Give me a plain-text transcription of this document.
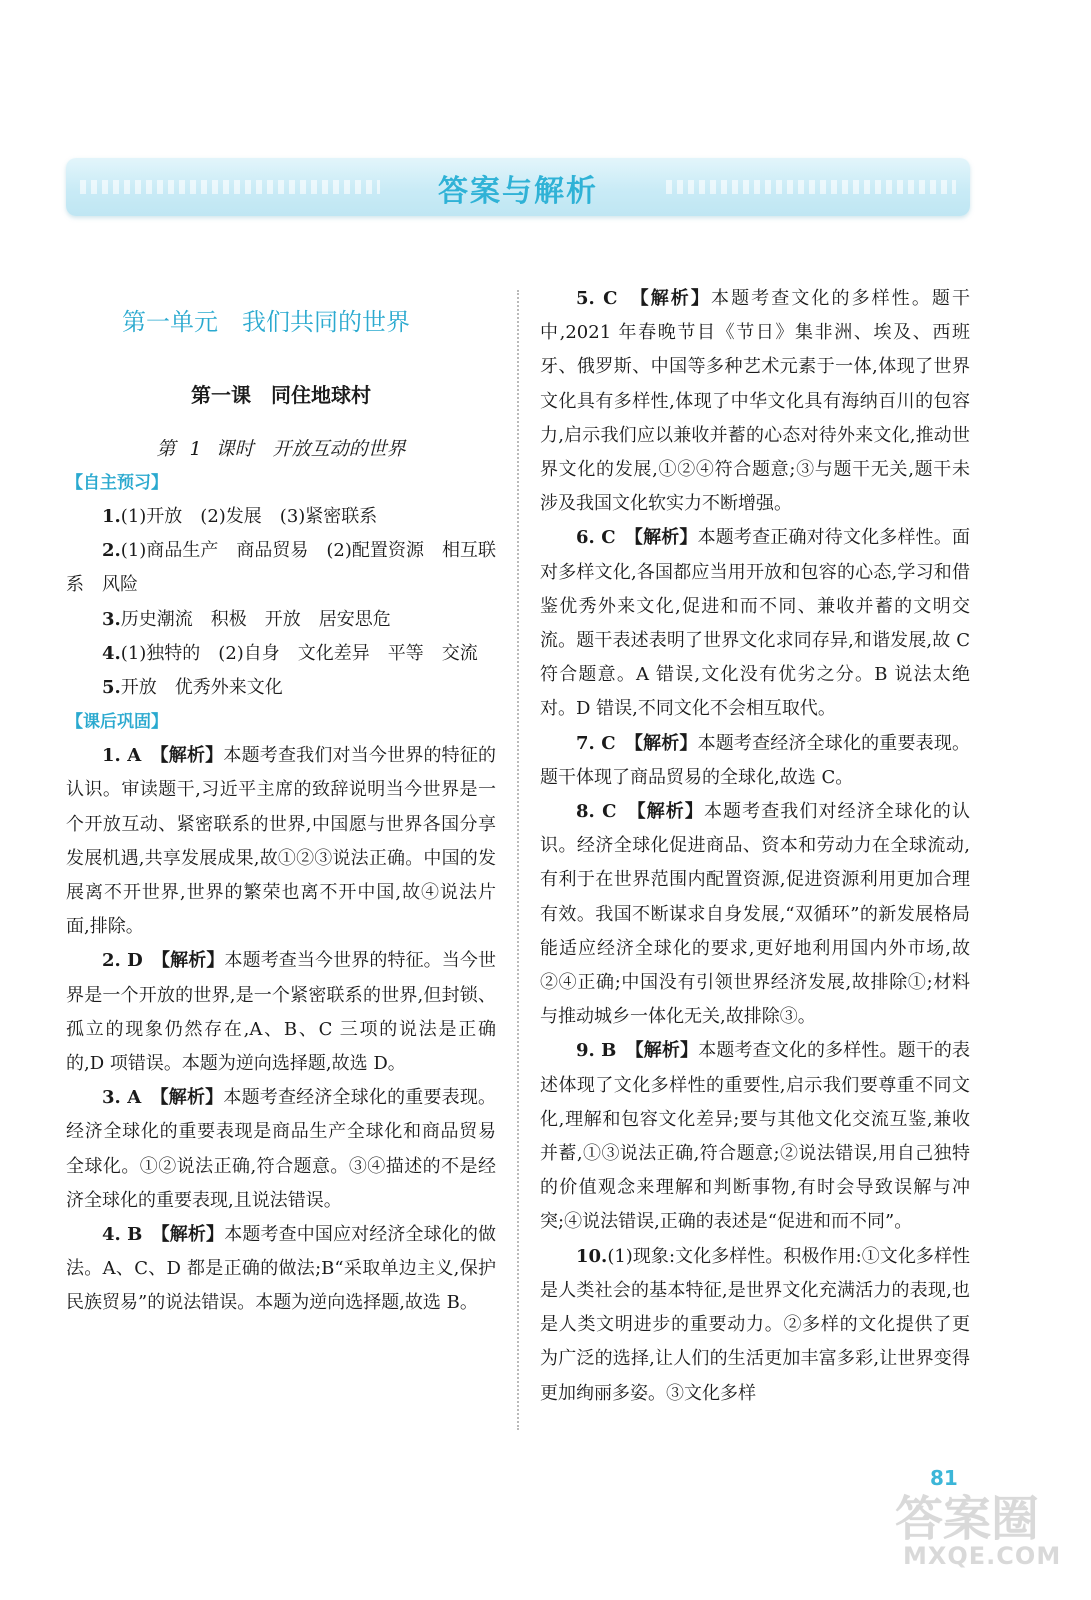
答案与解析
第一单元　我们共同的世界
第一课　同住地球村
第 1 课时　开放互动的世界
【自主预习】

1.(1)开放　(2)发展　(3)紧密联系

2.(1)商品生产　商品贸易　(2)配置资源　相互联系　风险

3.历史潮流　积极　开放　居安思危

4.(1)独特的　(2)自身　文化差异　平等　交流

5.开放　优秀外来文化

【课后巩固】

1. A　 【解析】本题考查我们对当今世界的特征的认识。审读题干,习近平主席的致辞说明当今世界是一个开放互动、紧密联系的世界,中国愿与世界各国分享发展机遇,共享发展成果,故①②③说法正确。中国的发展离不开世界,世界的繁荣也离不开中国,故④说法片面,排除。

2. D　 【解析】本题考查当今世界的特征。当今世界是一个开放的世界,是一个紧密联系的世界,但封锁、孤立的现象仍然存在,A、B、C 三项的说法是正确的,D 项错误。本题为逆向选择题,故选 D。

3. A　 【解析】本题考查经济全球化的重要表现。经济全球化的重要表现是商品生产全球化和商品贸易全球化。①②说法正确,符合题意。③④描述的不是经济全球化的重要表现,且说法错误。

4. B　 【解析】本题考查中国应对经济全球化的做法。A、C、D 都是正确的做法;B“采取单边主义,保护民族贸易”的说法错误。本题为逆向选择题,故选 B。

5. C　 【解析】本题考查文化的多样性。题干中,2021 年春晚节目《节日》集非洲、埃及、西班牙、俄罗斯、中国等多种艺术元素于一体,体现了世界文化具有多样性,体现了中华文化具有海纳百川的包容力,启示我们应以兼收并蓄的心态对待外来文化,推动世界文化的发展,①②④符合题意;③与题干无关,题干未涉及我国文化软实力不断增强。

6. C　 【解析】本题考查正确对待文化多样性。面对多样文化,各国都应当用开放和包容的心态,学习和借鉴优秀外来文化,促进和而不同、兼收并蓄的文明交流。题干表述表明了世界文化求同存异,和谐发展,故 C 符合题意。A 错误,文化没有优劣之分。B 说法太绝对。D 错误,不同文化不会相互取代。

7. C　 【解析】本题考查经济全球化的重要表现。题干体现了商品贸易的全球化,故选 C。

8. C　 【解析】本题考查我们对经济全球化的认识。经济全球化促进商品、资本和劳动力在全球流动,有利于在世界范围内配置资源,促进资源利用更加合理有效。我国不断谋求自身发展,“双循环”的新发展格局能适应经济全球化的要求,更好地利用国内外市场,故②④正确;中国没有引领世界经济发展,故排除①;材料与推动城乡一体化无关,故排除③。

9. B　 【解析】本题考查文化的多样性。题干的表述体现了文化多样性的重要性,启示我们要尊重不同文化,理解和包容文化差异;要与其他文化交流互鉴,兼收并蓄,①③说法正确,符合题意;②说法错误,用自己独特的价值观念来理解和判断事物,有时会导致误解与冲突;④说法错误,正确的表述是“促进和而不同”。

10.(1)现象:文化多样性。积极作用:①文化多样性是人类社会的基本特征,是世界文化充满活力的表现,也是人类文明进步的重要动力。②多样的文化提供了更为广泛的选择,让人们的生活更加丰富多彩,让世界变得更加绚丽多姿。③文化多样

81
答案圈
MXQE.COM
